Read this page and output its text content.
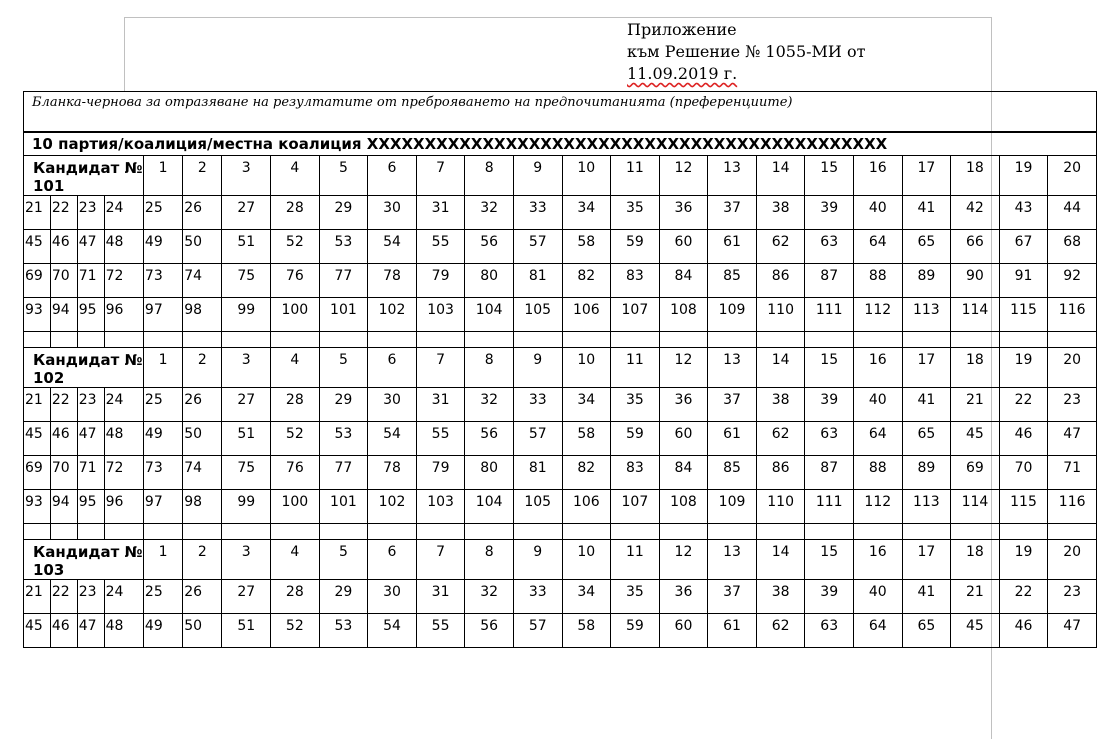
Приложение
към Решение № 1055-МИ от
11.09.2019 г.
Бланка-чернова за отразяване на резултатите от преброяването на предпочитанията (преференциите)																							
10 партия/коалиция/местна коалиция ХХХХХХХХХХХХХХХХХХХХХХХХХХХХХХХХХХХХХХХХХХХХХ																							
Кандидат № 101				1	2	3	4	5	6	7	8	9	10	11	12	13	14	15	16	17	18	19	20
21	22	23	24	25	26	27	28	29	30	31	32	33	34	35	36	37	38	39	40	41	42	43	44
45	46	47	48	49	50	51	52	53	54	55	56	57	58	59	60	61	62	63	64	65	66	67	68
69	70	71	72	73	74	75	76	77	78	79	80	81	82	83	84	85	86	87	88	89	90	91	92
93	94	95	96	97	98	99	100	101	102	103	104	105	106	107	108	109	110	111	112	113	114	115	116

Кандидат № 102				1	2	3	4	5	6	7	8	9	10	11	12	13	14	15	16	17	18	19	20
21	22	23	24	25	26	27	28	29	30	31	32	33	34	35	36	37	38	39	40	41	21	22	23
45	46	47	48	49	50	51	52	53	54	55	56	57	58	59	60	61	62	63	64	65	45	46	47
69	70	71	72	73	74	75	76	77	78	79	80	81	82	83	84	85	86	87	88	89	69	70	71
93	94	95	96	97	98	99	100	101	102	103	104	105	106	107	108	109	110	111	112	113	114	115	116

Кандидат № 103				1	2	3	4	5	6	7	8	9	10	11	12	13	14	15	16	17	18	19	20
21	22	23	24	25	26	27	28	29	30	31	32	33	34	35	36	37	38	39	40	41	21	22	23
45	46	47	48	49	50	51	52	53	54	55	56	57	58	59	60	61	62	63	64	65	45	46	47
